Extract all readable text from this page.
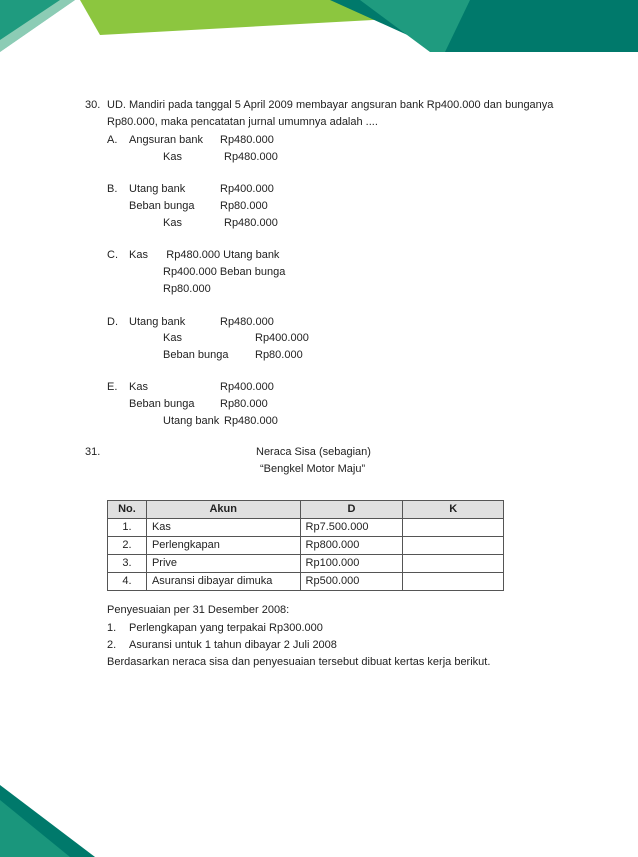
30. UD. Mandiri pada tanggal 5 April 2009 membayar angsuran bank Rp400.000 dan bunganya
Rp80.000, maka pencatatan jurnal umumnya adalah ....
A. Angsuran bank Rp480.000
Kas	Rp480.000
B. Utang bank	Rp400.000
Beban bunga Rp80.000
Kas	Rp480.000
C. Kas      Rp480.000 Utang bank
Rp400.000 Beban bunga
Rp80.000
D. Utang bank	Rp480.000
Kas	Rp400.000
Beban bunga Rp80.000
E. Kas	Rp400.000
Beban bunga Rp80.000
Utang bank Rp480.000
31.	Neraca Sisa (sebagian)
“Bengkel Motor Maju”
No.	Akun	D	K
1.	Kas	Rp7.500.000	
2.	Perlengkapan	Rp800.000	
3.	Prive	Rp100.000	
4.	Asuransi dibayar dimuka	Rp500.000	
Penyesuaian per 31 Desember 2008:
1. Perlengkapan yang terpakai Rp300.000
2. Asuransi untuk 1 tahun dibayar 2 Juli 2008
Berdasarkan neraca sisa dan penyesuaian tersebut dibuat kertas kerja berikut.
